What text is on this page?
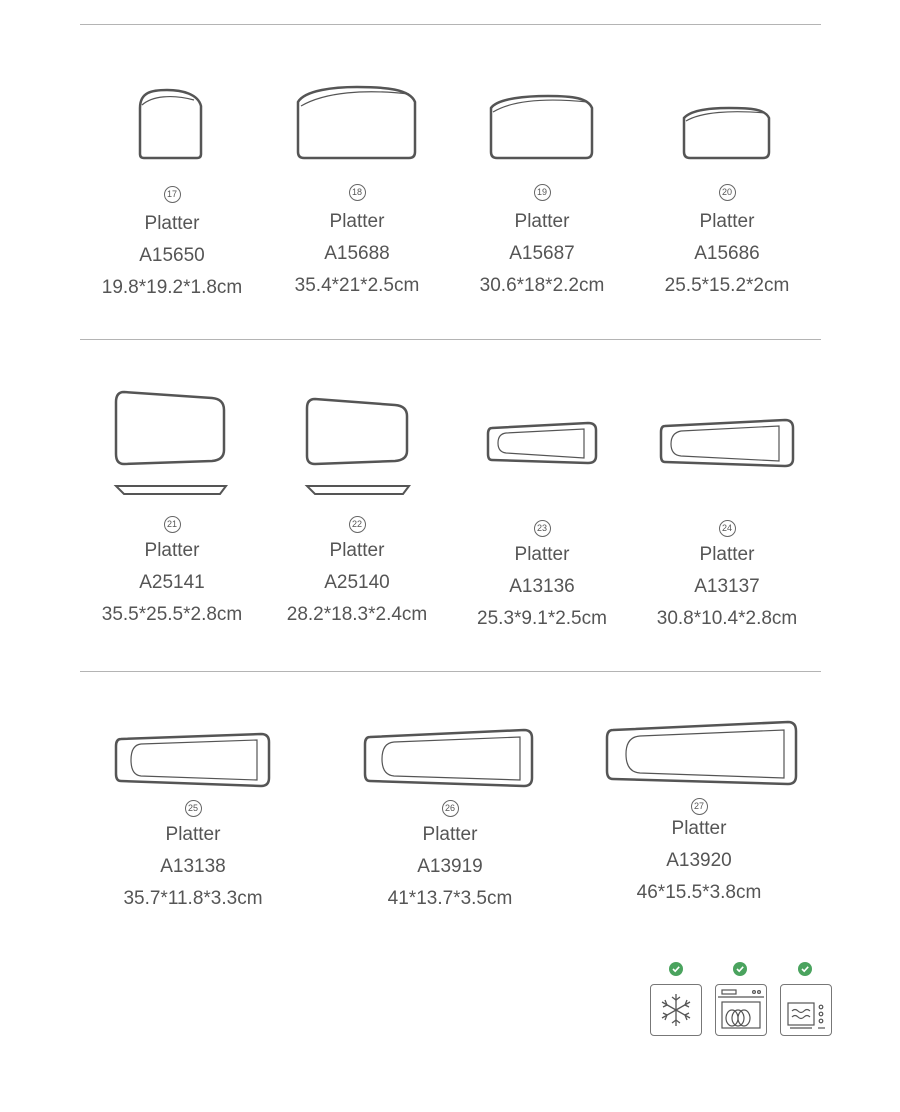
17
Platter
A15650
19.8*19.2*1.8cm
18
Platter
A15688
35.4*21*2.5cm
19
Platter
A15687
30.6*18*2.2cm
20
Platter
A15686
25.5*15.2*2cm
21
Platter
A25141
35.5*25.5*2.8cm
22
Platter
A25140
28.2*18.3*2.4cm
23
Platter
A13136
25.3*9.1*2.5cm
24
Platter
A13137
30.8*10.4*2.8cm
25
Platter
A13138
35.7*11.8*3.3cm
26
Platter
A13919
41*13.7*3.5cm
27
Platter
A13920
46*15.5*3.8cm
